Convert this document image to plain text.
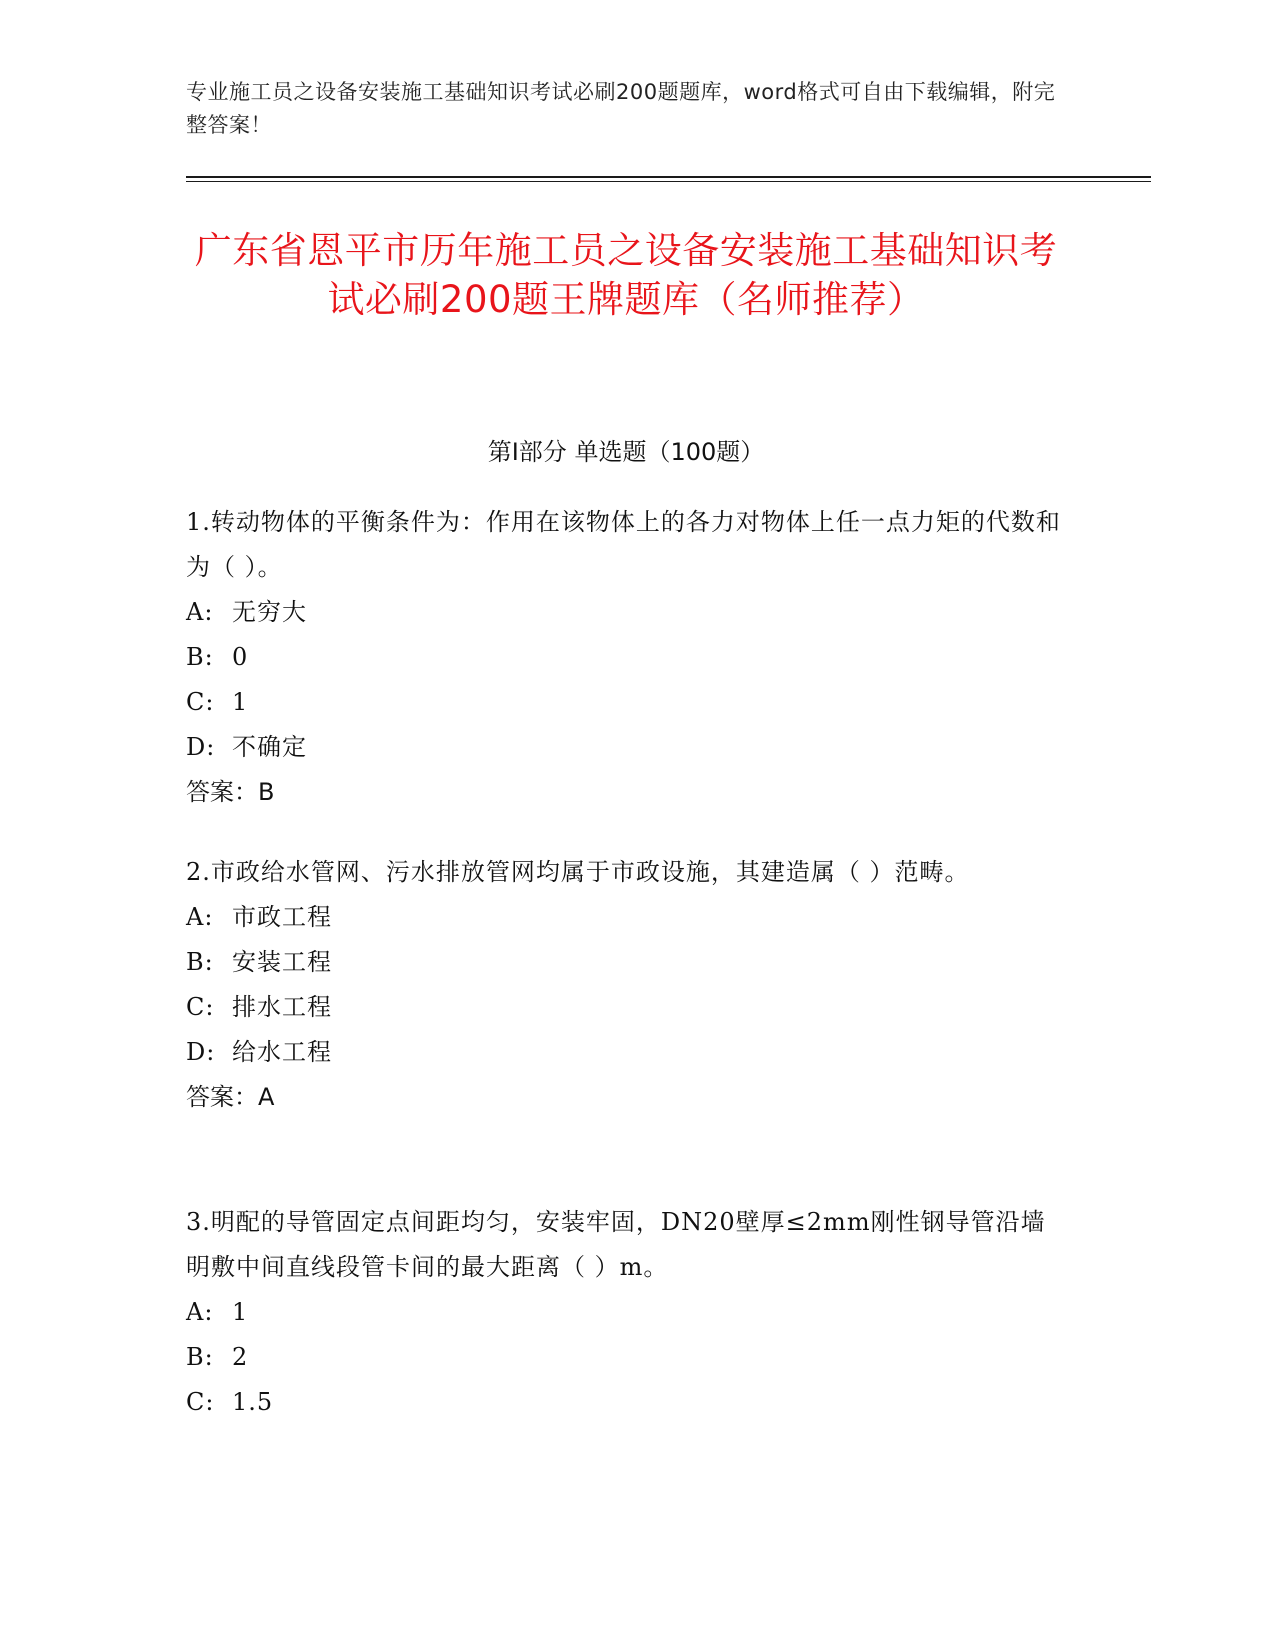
专业施工员之设备安装施工基础知识考试必刷200题题库，word格式可自由下载编辑，附完整答案！
广东省恩平市历年施工员之设备安装施工基础知识考试必刷200题王牌题库（名师推荐）
第Ⅰ部分 单选题（100题）

1.转动物体的平衡条件为：作用在该物体上的各力对物体上任一点力矩的代数和为（ ）。

A: 无穷大

B: 0

C: 1

D: 不确定

答案：B

2.市政给水管网、污水排放管网均属于市政设施，其建造属（ ）范畴。

A: 市政工程

B: 安装工程

C: 排水工程

D: 给水工程

答案：A

3.明配的导管固定点间距均匀，安装牢固，DN20壁厚≤2mm刚性钢导管沿墙明敷中间直线段管卡间的最大距离（ ）m。

A: 1

B: 2

C: 1.5
